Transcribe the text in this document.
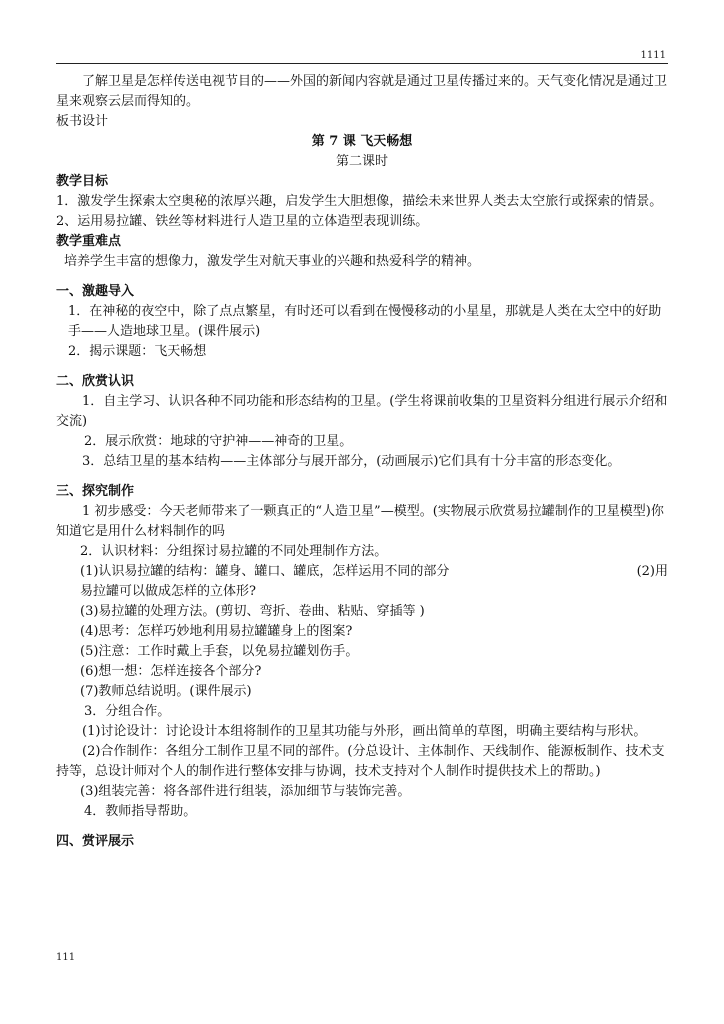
1111

了解卫星是怎样传送电视节目的——外国的新闻内容就是通过卫星传播过来的。天气变化情况是通过卫星来观察云层而得知的。

板书设计

第 7 课 飞天畅想

第二课时

教学目标

1．激发学生探索太空奥秘的浓厚兴趣，启发学生大胆想像，描绘未来世界人类去太空旅行或探索的情景。

2、运用易拉罐、铁丝等材料进行人造卫星的立体造型表现训练。

教学重难点

培养学生丰富的想像力，激发学生对航天事业的兴趣和热爱科学的精神。

一、激趣导入

1．在神秘的夜空中，除了点点繁星，有时还可以看到在慢慢移动的小星星，那就是人类在太空中的好助手——人造地球卫星。(课件展示)

2．揭示课题：飞天畅想

二、欣赏认识

1．自主学习、认识各种不同功能和形态结构的卫星。(学生将课前收集的卫星资料分组进行展示介绍和交流)

2．展示欣赏：地球的守护神——神奇的卫星。

3．总结卫星的基本结构——主体部分与展开部分，(动画展示)它们具有十分丰富的形态变化。

三、探究制作

1 初步感受：今天老师带来了一颗真正的“人造卫星”—模型。(实物展示欣赏易拉罐制作的卫星模型)你知道它是用什么材料制作的吗

2．认识材料：分组探讨易拉罐的不同处理制作方法。

(1)认识易拉罐的结构：罐身、罐口、罐底，怎样运用不同的部分	(2)用

易拉罐可以做成怎样的立体形?

(3)易拉罐的处理方法。(剪切、弯折、卷曲、粘贴、穿插等 )

(4)思考：怎样巧妙地利用易拉罐罐身上的图案?

(5)注意：工作时戴上手套，以免易拉罐划伤手。

(6)想一想：怎样连接各个部分?

(7)教师总结说明。(课件展示)

3．分组合作。

(1)讨论设计：讨论设计本组将制作的卫星其功能与外形，画出简单的草图，明确主要结构与形状。

(2)合作制作：各组分工制作卫星不同的部件。(分总设计、主体制作、天线制作、能源板制作、技术支持等，总设计师对个人的制作进行整体安排与协调，技术支持对个人制作时提供技术上的帮助。)

(3)组装完善：将各部件进行组装，添加细节与装饰完善。

4．教师指导帮助。

四、赏评展示

111
